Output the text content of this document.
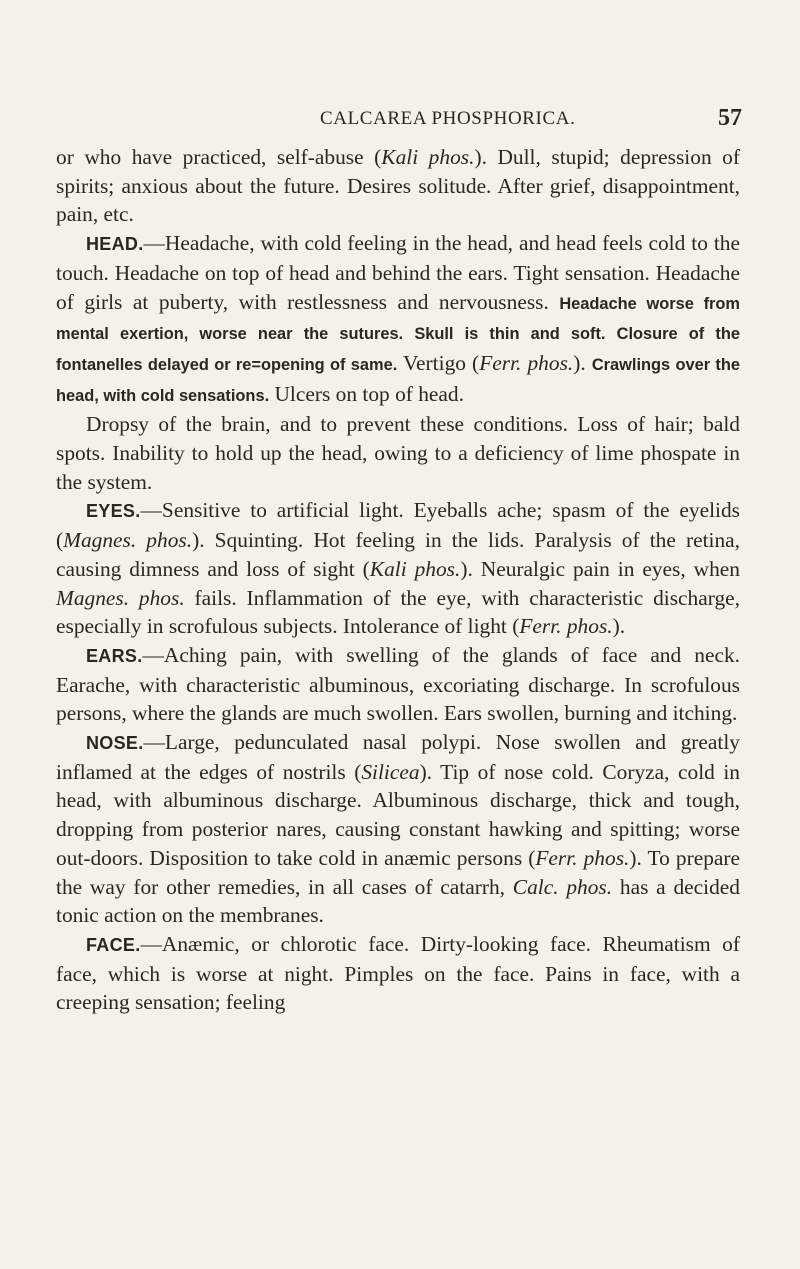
CALCAREA PHOSPHORICA.	57

or who have practiced, self-abuse (Kali phos.). Dull, stupid; depression of spirits; anxious about the future. Desires solitude. After grief, disappointment, pain, etc.

HEAD.—Headache, with cold feeling in the head, and head feels cold to the touch. Headache on top of head and behind the ears. Tight sensation. Headache of girls at puberty, with restlessness and nervousness. Headache worse from mental exertion, worse near the sutures. Skull is thin and soft. Closure of the fontanelles delayed or re=opening of same. Vertigo (Ferr. phos.). Crawlings over the head, with cold sensations. Ulcers on top of head.

Dropsy of the brain, and to prevent these conditions. Loss of hair; bald spots. Inability to hold up the head, owing to a deficiency of lime phospate in the system.

EYES.—Sensitive to artificial light. Eyeballs ache; spasm of the eyelids (Magnes. phos.). Squinting. Hot feeling in the lids. Paralysis of the retina, causing dimness and loss of sight (Kali phos.). Neuralgic pain in eyes, when Magnes. phos. fails. Inflammation of the eye, with characteristic discharge, especially in scrofulous subjects. Intolerance of light (Ferr. phos.).

EARS.—Aching pain, with swelling of the glands of face and neck. Earache, with characteristic albuminous, excoriating discharge. In scrofulous persons, where the glands are much swollen. Ears swollen, burning and itching.

NOSE.—Large, pedunculated nasal polypi. Nose swollen and greatly inflamed at the edges of nostrils (Silicea). Tip of nose cold. Coryza, cold in head, with albuminous discharge. Albuminous discharge, thick and tough, dropping from posterior nares, causing constant hawking and spitting; worse out-doors. Disposition to take cold in anæmic persons (Ferr. phos.). To prepare the way for other remedies, in all cases of catarrh, Calc. phos. has a decided tonic action on the membranes.

FACE.—Anæmic, or chlorotic face. Dirty-looking face. Rheumatism of face, which is worse at night. Pimples on the face. Pains in face, with a creeping sensation; feeling
